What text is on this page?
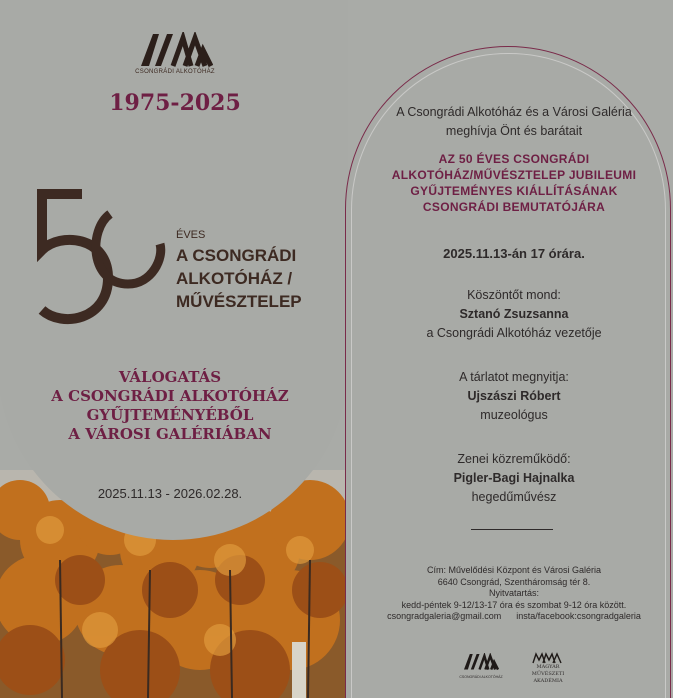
CSONGRÁDI ALKOTÓHÁZ
1975-2025
ÉVES
A CSONGRÁDI
ALKOTÓHÁZ /
MŰVÉSZTELEP
VÁLOGATÁS
A CSONGRÁDI ALKOTÓHÁZ
GYŰJTEMÉNYÉBŐL
A VÁROSI GALÉRIÁBAN
2025.11.13 - 2026.02.28.
A Csongrádi Alkotóház és a Városi Galéria
meghívja Önt és barátait
AZ 50 ÉVES CSONGRÁDI
ALKOTÓHÁZ/MŰVÉSZTELEP JUBILEUMI
GYŰJTEMÉNYES KIÁLLÍTÁSÁNAK
CSONGRÁDI BEMUTATÓJÁRA
2025.11.13-án 17 órára.
Köszöntőt mond:
Sztanó Zsuzsanna
a Csongrádi Alkotóház vezetője
A tárlatot megnyitja:
Ujszászi Róbert
muzeológus
Zenei közreműködő:
Pigler-Bagi Hajnalka
hegedűművész
Cím: Művelődési Központ és Városi Galéria
6640 Csongrád, Szentháromság tér 8.
Nyitvatartás:
kedd-péntek 9-12/13-17 óra és szombat 9-12 óra között.
csongradgaleria@gmail.com      insta/facebook:csongradgaleria
CSONGRÁDI ALKOTÓHÁZ
MAGYAR MŰVÉSZETI
AKADÉMIA
